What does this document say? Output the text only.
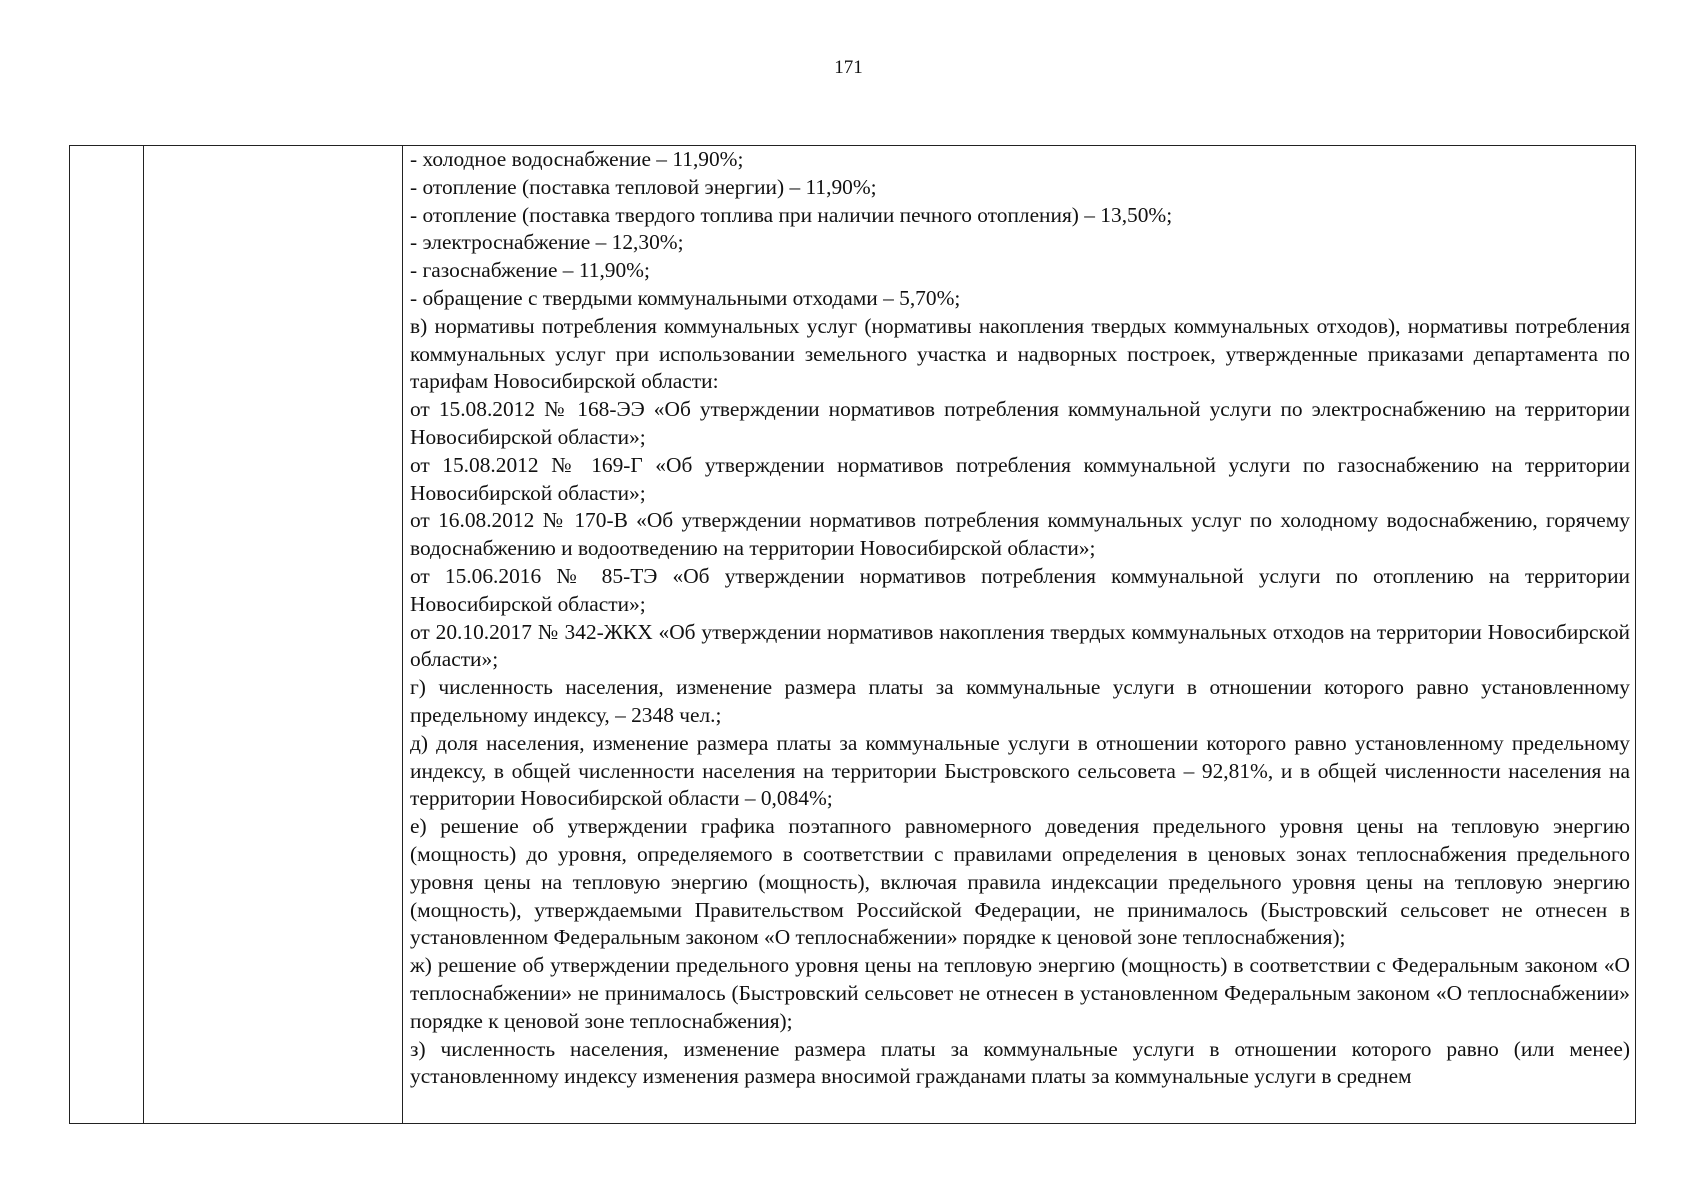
171

- холодное водоснабжение – 11,90%;

- отопление (поставка тепловой энергии) – 11,90%;

- отопление (поставка твердого топлива при наличии печного отопления) – 13,50%;

- электроснабжение – 12,30%;

- газоснабжение – 11,90%;

- обращение с твердыми коммунальными отходами – 5,70%;

в) нормативы потребления коммунальных услуг (нормативы накопления твердых коммунальных отходов), нормативы потребления коммунальных услуг при использовании земельного участка и надворных построек, утвержденные приказами департамента по тарифам Новосибирской области:

от 15.08.2012 № 168-ЭЭ «Об утверждении нормативов потребления коммунальной услуги по электроснабжению на территории Новосибирской области»;

от 15.08.2012 № 169-Г «Об утверждении нормативов потребления коммунальной услуги по газоснабжению на территории Новосибирской области»;

от 16.08.2012 № 170-В «Об утверждении нормативов потребления коммунальных услуг по холодному водоснабжению, горячему водоснабжению и водоотведению на территории Новосибирской области»;

от 15.06.2016 № 85-ТЭ «Об утверждении нормативов потребления коммунальной услуги по отоплению на территории Новосибирской области»;

от 20.10.2017 № 342-ЖКХ «Об утверждении нормативов накопления твердых коммунальных отходов на территории Новосибирской области»;

г) численность населения, изменение размера платы за коммунальные услуги в отношении которого равно установленному предельному индексу, – 2348 чел.;

д) доля населения, изменение размера платы за коммунальные услуги в отношении которого равно установленному предельному индексу, в общей численности населения на территории Быстровского сельсовета – 92,81%, и в общей численности населения на территории Новосибирской области – 0,084%;

е) решение об утверждении графика поэтапного равномерного доведения предельного уровня цены на тепловую энергию (мощность) до уровня, определяемого в соответствии с правилами определения в ценовых зонах теплоснабжения предельного уровня цены на тепловую энергию (мощность), включая правила индексации предельного уровня цены на тепловую энергию (мощность), утверждаемыми Правительством Российской Федерации, не принималось (Быстровский сельсовет не отнесен в установленном Федеральным законом «О теплоснабжении» порядке к ценовой зоне теплоснабжения);

ж) решение об утверждении предельного уровня цены на тепловую энергию (мощность) в соответствии с Федеральным законом «О теплоснабжении» не принималось (Быстровский сельсовет не отнесен в установленном Федеральным законом «О теплоснабжении» порядке к ценовой зоне теплоснабжения);

з) численность населения, изменение размера платы за коммунальные услуги в отношении которого равно (или менее) установленному индексу изменения размера вносимой гражданами платы за коммунальные услуги в среднем
